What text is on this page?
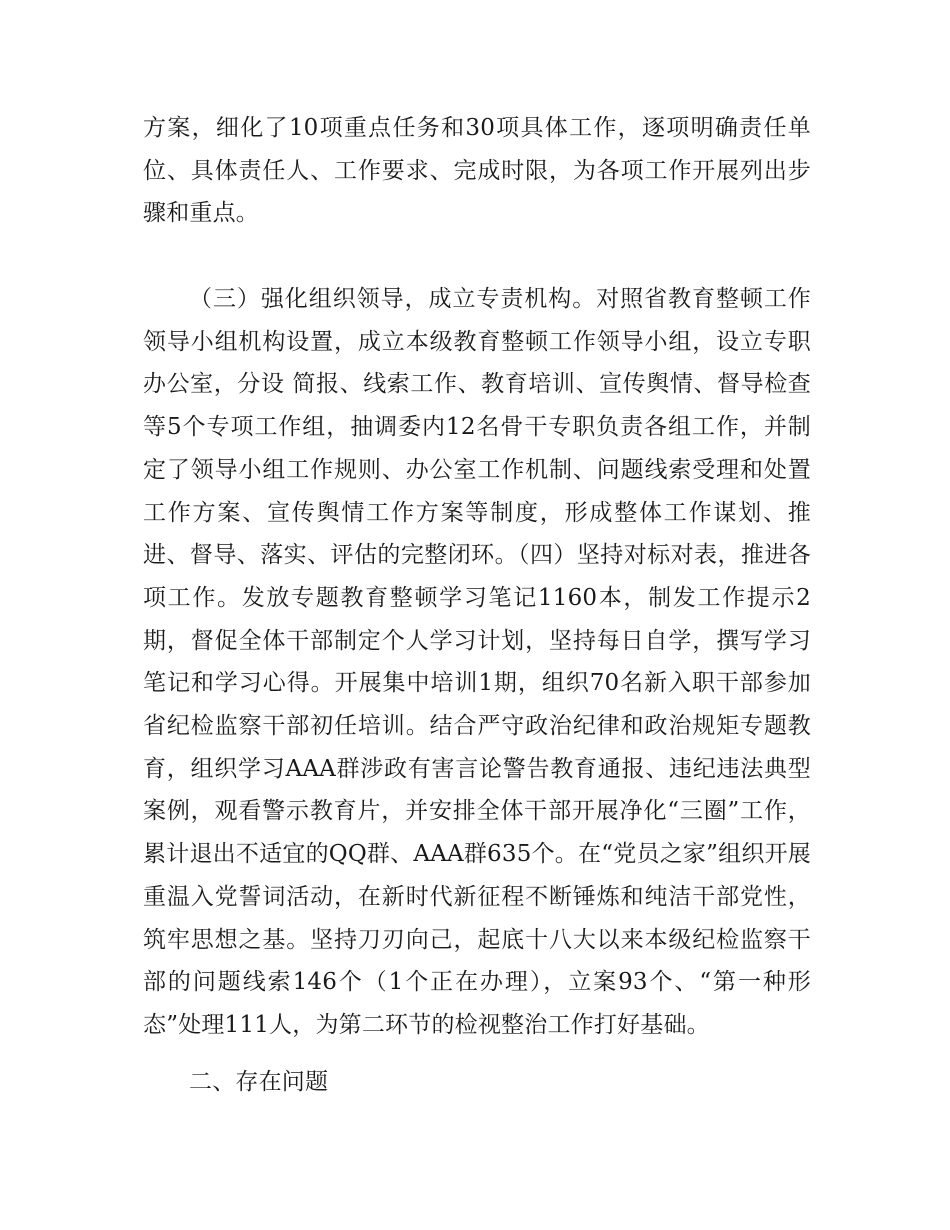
方案，细化了10项重点任务和30项具体工作，逐项明确责任单位、具体责任人、工作要求、完成时限，为各项工作开展列出步骤和重点。

（三）强化组织领导，成立专责机构。对照省教育整顿工作领导小组机构设置，成立本级教育整顿工作领导小组，设立专职办公室，分设 简报、线索工作、教育培训、宣传舆情、督导检查等5个专项工作组，抽调委内12名骨干专职负责各组工作，并制定了领导小组工作规则、办公室工作机制、问题线索受理和处置工作方案、宣传舆情工作方案等制度，形成整体工作谋划、推进、督导、落实、评估的完整闭环。（四）坚持对标对表，推进各项工作。发放专题教育整顿学习笔记1160本，制发工作提示2期，督促全体干部制定个人学习计划，坚持每日自学，撰写学习笔记和学习心得。开展集中培训1期，组织70名新入职干部参加省纪检监察干部初任培训。结合严守政治纪律和政治规矩专题教育，组织学习AAA群涉政有害言论警告教育通报、违纪违法典型案例，观看警示教育片，并安排全体干部开展净化“三圈”工作，累计退出不适宜的QQ群、AAA群635个。在“党员之家”组织开展重温入党誓词活动，在新时代新征程不断锤炼和纯洁干部党性，筑牢思想之基。坚持刀刃向己，起底十八大以来本级纪检监察干部的问题线索146个（1个正在办理），立案93个、“第一种形态”处理111人，为第二环节的检视整治工作打好基础。

二、存在问题
